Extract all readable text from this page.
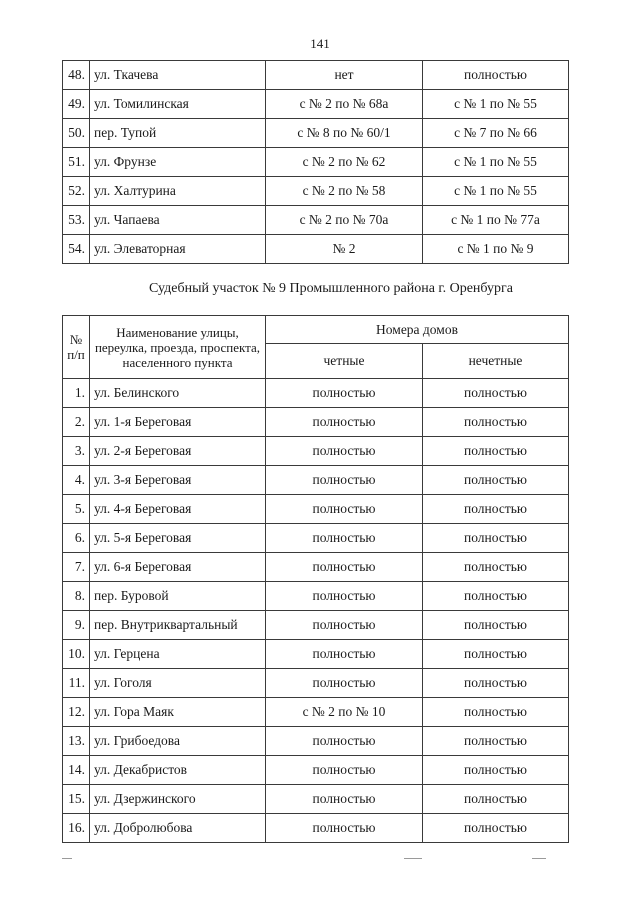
141
48.	ул. Ткачева	нет	полностью
49.	ул. Томилинская	с № 2 по № 68а	с № 1 по № 55
50.	пер. Тупой	с № 8 по № 60/1	с № 7 по № 66
51.	ул. Фрунзе	с № 2 по № 62	с № 1 по № 55
52.	ул. Халтурина	с № 2 по № 58	с № 1 по № 55
53.	ул. Чапаева	с № 2 по № 70а	с № 1 по № 77а
54.	ул. Элеваторная	№ 2	с № 1 по № 9
Судебный участок № 9 Промышленного района г. Оренбурга
№ п/п	Наименование улицы, переулка, проезда, проспекта, населенного пункта	Номера домов	
		четные	нечетные
1.	ул. Белинского	полностью	полностью
2.	ул. 1-я Береговая	полностью	полностью
3.	ул. 2-я Береговая	полностью	полностью
4.	ул. 3-я Береговая	полностью	полностью
5.	ул. 4-я Береговая	полностью	полностью
6.	ул. 5-я Береговая	полностью	полностью
7.	ул. 6-я Береговая	полностью	полностью
8.	пер. Буровой	полностью	полностью
9.	пер. Внутриквартальный	полностью	полностью
10.	ул. Герцена	полностью	полностью
11.	ул. Гоголя	полностью	полностью
12.	ул. Гора Маяк	с № 2 по № 10	полностью
13.	ул. Грибоедова	полностью	полностью
14.	ул. Декабристов	полностью	полностью
15.	ул. Дзержинского	полностью	полностью
16.	ул. Добролюбова	полностью	полностью
